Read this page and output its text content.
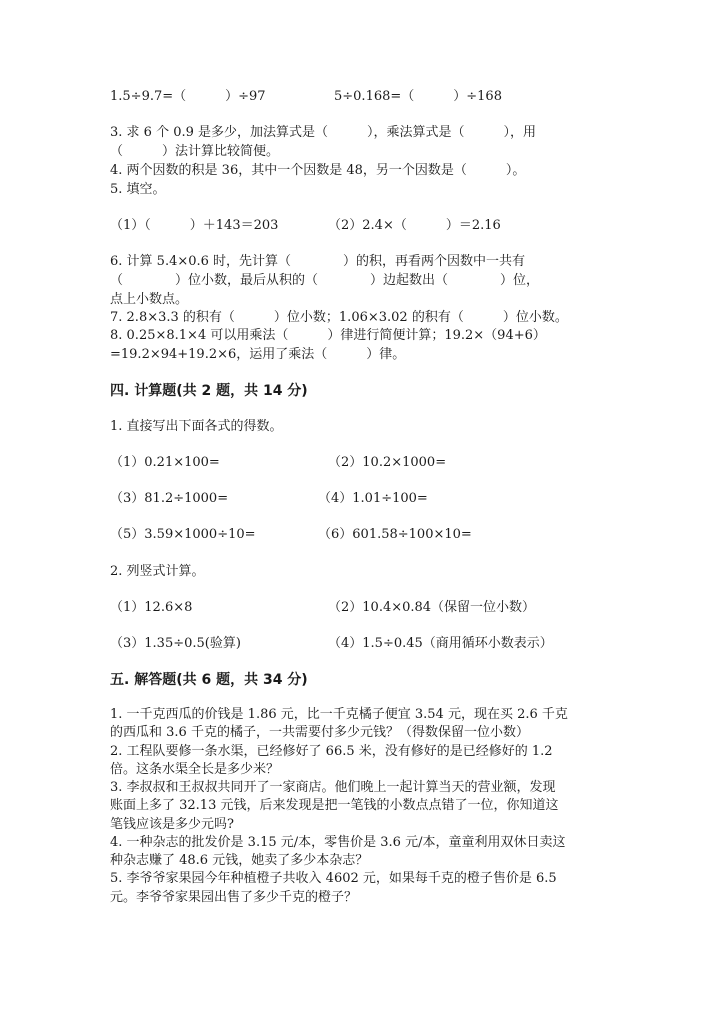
1.5÷9.7=（　　　）÷97	5÷0.168=（　　　）÷168
3. 求 6 个 0.9 是多少，加法算式是（　　　），乘法算式是（　　　），用
（　　　）法计算比较简便。
4. 两个因数的积是 36，其中一个因数是 48，另一个因数是（　　　）。
5. 填空。
（1）（　　　）＋143＝203	（2）2.4×（　　　）＝2.16
6. 计算 5.4×0.6 时，先计算（　　　　）的积，再看两个因数中一共有
（　　　　）位小数，最后从积的（　　　　）边起数出（　　　　）位，
点上小数点。
7. 2.8×3.3 的积有（　　　）位小数；1.06×3.02 的积有（　　　）位小数。
8. 0.25×8.1×4 可以用乘法（　　　）律进行简便计算；19.2×（94+6）
=19.2×94+19.2×6，运用了乘法（　　　）律。
四. 计算题(共 2 题，共 14 分)
1. 直接写出下面各式的得数。
（1）0.21×100=	（2）10.2×1000=
（3）81.2÷1000=	（4）1.01÷100=
（5）3.59×1000÷10=	（6）601.58÷100×10=
2. 列竖式计算。
（1）12.6×8	（2）10.4×0.84（保留一位小数）
（3）1.35÷0.5(验算)	（4）1.5÷0.45（商用循环小数表示）
五. 解答题(共 6 题，共 34 分)
1. 一千克西瓜的价钱是 1.86 元，比一千克橘子便宜 3.54 元，现在买 2.6 千克
的西瓜和 3.6 千克的橘子，一共需要付多少元钱？（得数保留一位小数）
2. 工程队要修一条水渠，已经修好了 66.5 米，没有修好的是已经修好的 1.2
倍。这条水渠全长是多少米？
3. 李叔叔和王叔叔共同开了一家商店。他们晚上一起计算当天的营业额，发现
账面上多了 32.13 元钱，后来发现是把一笔钱的小数点点错了一位，你知道这
笔钱应该是多少元吗?
4. 一种杂志的批发价是 3.15 元/本，零售价是 3.6 元/本，童童利用双休日卖这
种杂志赚了 48.6 元钱，她卖了多少本杂志？
5. 李爷爷家果园今年种植橙子共收入 4602 元，如果每千克的橙子售价是 6.5
元。李爷爷家果园出售了多少千克的橙子？
